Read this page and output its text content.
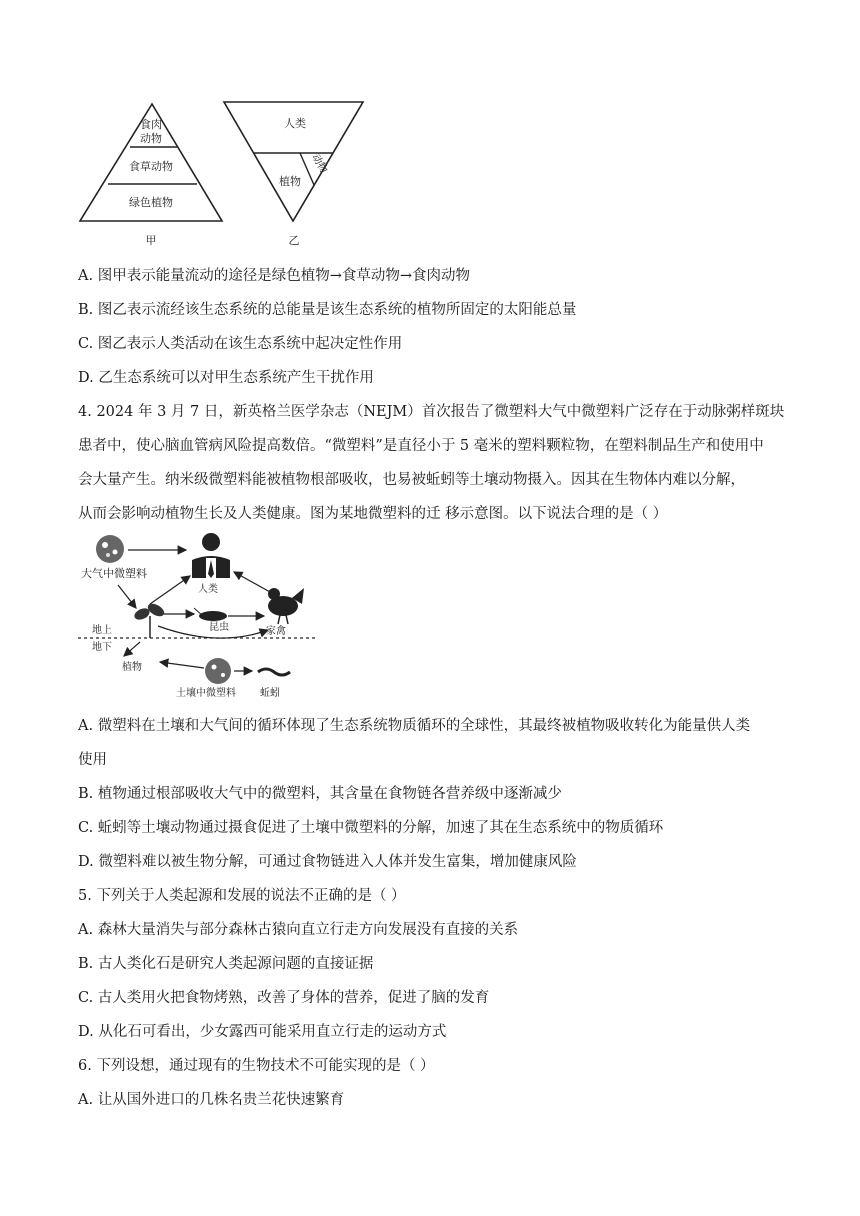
食肉
动物
食草动物
绿色植物
甲
人类
植物
动物
乙
A. 图甲表示能量流动的途径是绿色植物→食草动物→食肉动物
B. 图乙表示流经该生态系统的总能量是该生态系统的植物所固定的太阳能总量
C. 图乙表示人类活动在该生态系统中起决定性作用
D. 乙生态系统可以对甲生态系统产生干扰作用
4. 2024 年 3 月 7 日，新英格兰医学杂志（NEJM）首次报告了微塑料大气中微塑料广泛存在于动脉粥样斑块
患者中，使心脑血管病风险提高数倍。“微塑料”是直径小于 5 毫米的塑料颗粒物，在塑料制品生产和使用中
会大量产生。纳米级微塑料能被植物根部吸收，也易被蚯蚓等土壤动物摄入。因其在生物体内难以分解，
从而会影响动植物生长及人类健康。图为某地微塑料的迁 移示意图。以下说法合理的是（ ）
大气中微塑料
人类
昆虫	家禽
地上
地下
植物
土壤中微塑料 蚯蚓
A. 微塑料在土壤和大气间的循环体现了生态系统物质循环的全球性，其最终被植物吸收转化为能量供人类
使用
B. 植物通过根部吸收大气中的微塑料，其含量在食物链各营养级中逐渐减少
C. 蚯蚓等土壤动物通过摄食促进了土壤中微塑料的分解，加速了其在生态系统中的物质循环
D. 微塑料难以被生物分解，可通过食物链进入人体并发生富集，增加健康风险
5. 下列关于人类起源和发展的说法不正确的是（ ）
A. 森林大量消失与部分森林古猿向直立行走方向发展没有直接的关系
B. 古人类化石是研究人类起源问题的直接证据
C. 古人类用火把食物烤熟，改善了身体的营养，促进了脑的发育
D. 从化石可看出，少女露西可能采用直立行走的运动方式
6. 下列设想，通过现有的生物技术不可能实现的是（ ）
A. 让从国外进口的几株名贵兰花快速繁育
